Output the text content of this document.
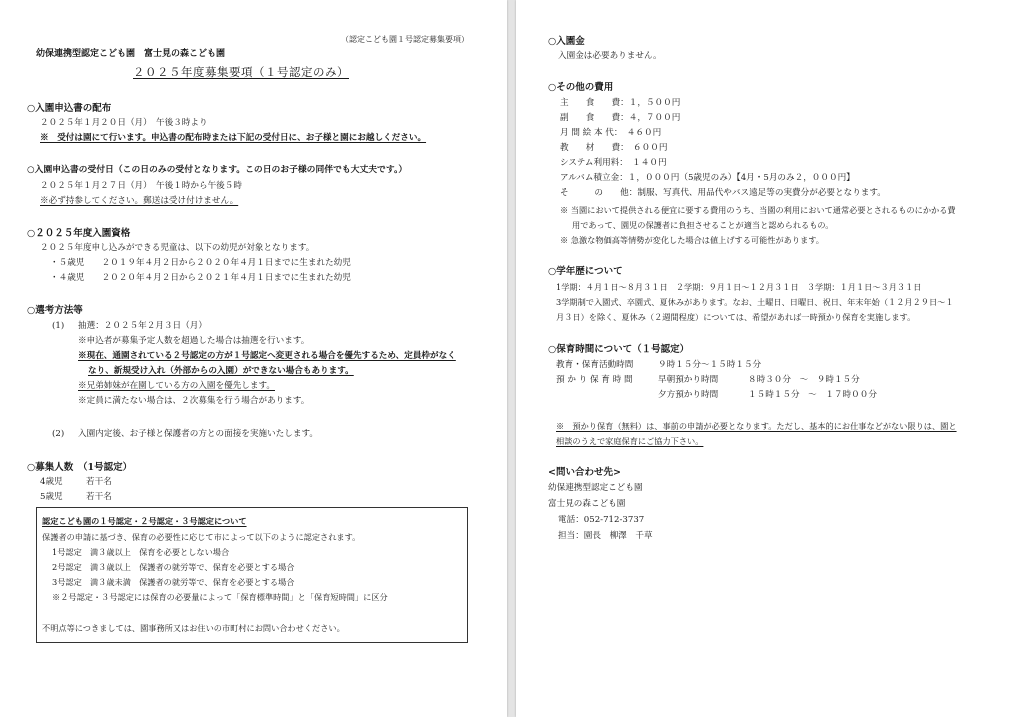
（認定こども園１号認定募集要項）
幼保連携型認定こども園　富士見の森こども園
２０２５年度募集要項（１号認定のみ）
○入園申込書の配布
２０２５年１月２０日（月）　午後３時より
※　受付は園にて行います。申込書の配布時または下記の受付日に、お子様と園にお越しください。
○入園申込書の受付日（この日のみの受付となります。この日のお子様の同伴でも大丈夫です。）
２０２５年１月２７日（月）　午後１時から午後５時
※必ず持参してください。郵送は受け付けません。
○２０２５年度入園資格
２０２５年度申し込みができる児童は、以下の幼児が対象となります。
・５歳児　　２０１９年４月２日から２０２０年４月１日までに生まれた幼児
・４歳児　　２０２０年４月２日から２０２１年４月１日までに生まれた幼児
○選考方法等
(1) 抽選：２０２５年２月３日（月）
※申込者が募集予定人数を超過した場合は抽選を行います。
※現在、通園されている２号認定の方が１号認定へ変更される場合を優先するため、定員枠がなく
なり、新規受け入れ（外部からの入園）ができない場合もあります。
※兄弟姉妹が在園している方の入園を優先します。
※定員に満たない場合は、２次募集を行う場合があります。
(2) 入園内定後、お子様と保護者の方との面接を実施いたします。
○募集人数　（1号認定）
4歳児	若干名
5歳児	若干名
認定こども園の１号認定・２号認定・３号認定について
保護者の申請に基づき、保育の必要性に応じて市によって以下のように認定されます。
1号認定　満３歳以上　保育を必要としない場合
2号認定　満３歳以上　保護者の就労等で、保育を必要とする場合
3号認定　満３歳未満　保護者の就労等で、保育を必要とする場合
※２号認定・３号認定には保育の必要量によって「保育標準時間」と「保育短時間」に区分
不明点等につきましては、園事務所又はお住いの市町村にお問い合わせください。
○入園金
入園金は必要ありません。
○その他の費用
主　　食　　費：１，５００円
副　　食　　費：４，７００円
月 間 絵 本 代：　４６０円
教　　材　　費：　６００円
システム利用料：　１４０円
アルバム積立金：１，０００円（5歳児のみ）【4月・5月のみ２，０００円】
そ　　　の　　他：制服、写真代、用品代やバス遠足等の実費分が必要となります。
※ 当園において提供される便宜に要する費用のうち、当園の利用において通常必要とされるものにかかる費
用であって、園児の保護者に負担させることが適当と認められるもの。
※ 急激な物価高等情勢が変化した場合は値上げする可能性があります。
○学年歴について
1学期：４月１日～８月３１日　２学期：９月１日～１２月３１日　３学期：１月１日～３月３１日
3学期制で入園式、卒園式、夏休みがあります。なお、土曜日、日曜日、祝日、年末年始（１２月２９日～１
月３日）を除く、夏休み（２週間程度）については、希望があれば一時預かり保育を実施します。
○保育時間について（１号認定）
教育・保育活動時間	９時１５分～１５時１５分
預 か り 保 育 時 間	早朝預かり時間	８時３０分　～　９時１５分
夕方預かり時間	１５時１５分　～　１７時００分
※　預かり保育（無料）は、事前の申請が必要となります。ただし、基本的にお仕事などがない限りは、園と
相談のうえで家庭保育にご協力下さい。
<問い合わせ先>
幼保連携型認定こども園
富士見の森こども園
電話：052-712-3737
担当：園長　柳澤　千草
